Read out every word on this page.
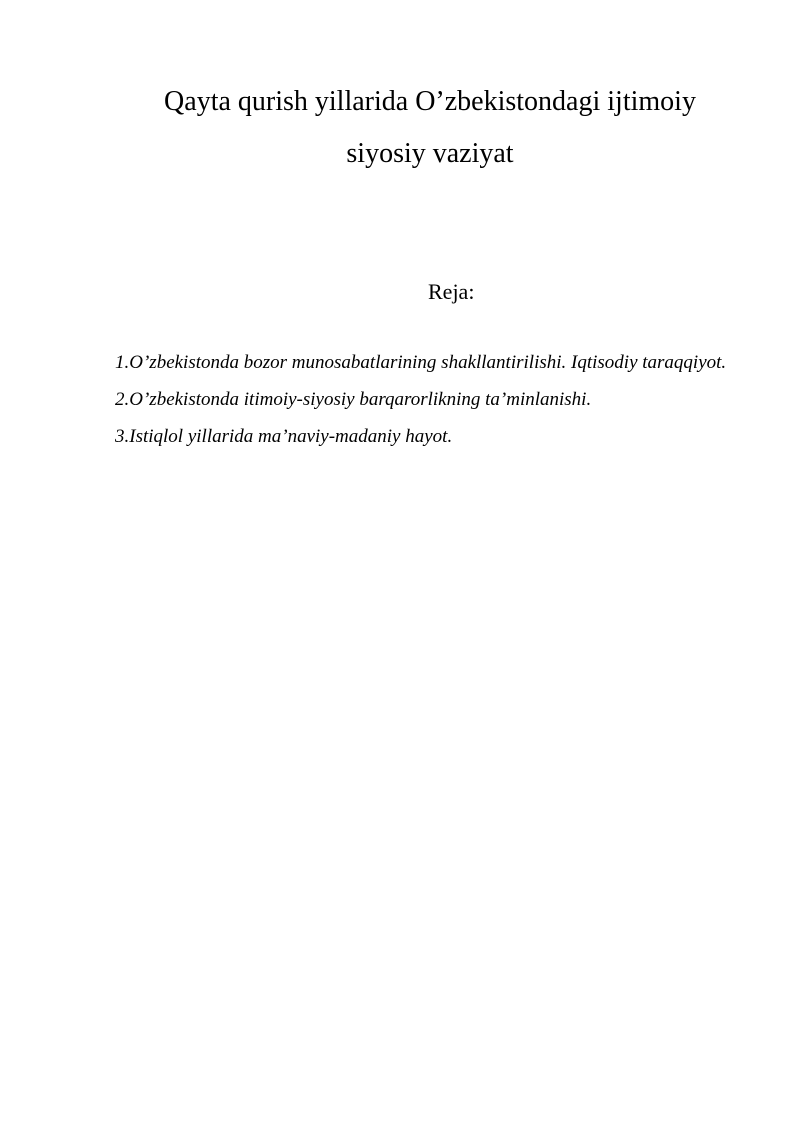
Qayta qurish yillarida O’zbekistondagi ijtimoiy
siyosiy vaziyat
Reja:
1.O’zbekistonda bozor munosabatlarining shakllantirilishi. Iqtisodiy taraqqiyot.
2.O’zbekistonda itimoiy-siyosiy barqarorlikning ta’minlanishi.
3.Istiqlol yillarida ma’naviy-madaniy hayot.
